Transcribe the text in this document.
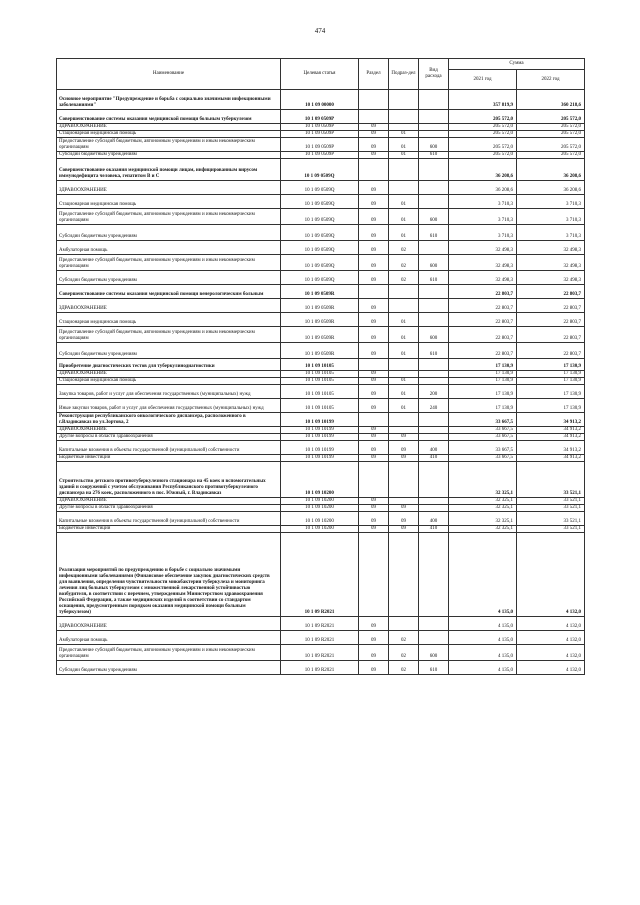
474
Наименование	Целевая статья	Раздел	Подраз-дел	Вид расхода	Сумма	
					2021 год	2022 год
Основное мероприятие "Предупреждение и борьба с социально значимыми инфекционными заболеваниями"	10 1 09 00000				357 819,9	360 218,6
Совершенствование системы оказания медицинской помощи больным туберкулезом	10 1 09 0509P				205 572,0	205 572,0
ЗДРАВООХРАНЕНИЕ	10 1 09 0509P	09			205 572,0	205 572,0
Стационарная медицинская помощь	10 1 09 0509P	09	01		205 572,0	205 572,0
Предоставление субсидий бюджетным, автономным учреждениям и иным некоммерческим организациям	10 1 09 0509P	09	01	600	205 572,0	205 572,0
Субсидии бюджетным учреждениям	10 1 09 0509P	09	01	610	205 572,0	205 572,0
Совершенствование оказания медицинской помощи лицам, инфицированным вирусом иммунодефицита человека, гепатитом В и С	10 1 09 0509Q				36 208,6	36 208,6
ЗДРАВООХРАНЕНИЕ	10 1 09 0509Q	09			36 208,6	36 208,6
Стационарная медицинская помощь	10 1 09 0509Q	09	01		3 710,3	3 710,3
Предоставление субсидий бюджетным, автономным учреждениям и иным некоммерческим организациям	10 1 09 0509Q	09	01	600	3 710,3	3 710,3
Субсидии бюджетным учреждениям	10 1 09 0509Q	09	01	610	3 710,3	3 710,3
Амбулаторная помощь	10 1 09 0509Q	09	02		32 498,3	32 498,3
Предоставление субсидий бюджетным, автономным учреждениям и иным некоммерческим организациям	10 1 09 0509Q	09	02	600	32 498,3	32 498,3
Субсидии бюджетным учреждениям	10 1 09 0509Q	09	02	610	32 498,3	32 498,3
Совершенствование системы оказания медицинской помощи венерологическим больным	10 1 09 0509R				22 803,7	22 803,7
ЗДРАВООХРАНЕНИЕ	10 1 09 0509R	09			22 803,7	22 803,7
Стационарная медицинская помощь	10 1 09 0509R	09	01		22 803,7	22 803,7
Предоставление субсидий бюджетным, автономным учреждениям и иным некоммерческим организациям	10 1 09 0509R	09	01	600	22 803,7	22 803,7
Субсидии бюджетным учреждениям	10 1 09 0509R	09	01	610	22 803,7	22 803,7
Приобретение диагностических тестов для туберкулинодиагностики	10 1 09 10105				17 130,9	17 130,9
ЗДРАВООХРАНЕНИЕ	10 1 09 10105	09			17 130,9	17 130,9
Стационарная медицинская помощь	10 1 09 10105	09	01		17 130,9	17 130,9
Закупка товаров, работ и услуг для обеспечения государственных (муниципальных) нужд	10 1 09 10105	09	01	200	17 130,9	17 130,9
Иные закупки товаров, работ и услуг для обеспечения государственных (муниципальных) нужд	10 1 09 10105	09	01	240	17 130,9	17 130,9
Реконструкция республиканского онкологического диспансера, расположенного в г.Владикавказ по ул.Зортова, 2	10 1 09 10199				33 667,5	34 913,2
ЗДРАВООХРАНЕНИЕ	10 1 09 10199	09			33 667,5	34 913,2
Другие вопросы в области здравоохранения	10 1 09 10199	09	09		33 667,5	34 913,2
Капитальные вложения в объекты государственной (муниципальной) собственности	10 1 09 10199	09	09	400	33 667,5	34 913,2
Бюджетные инвестиции	10 1 09 10199	09	09	410	33 667,5	34 913,2
Строительство детского противотуберкулезного стационара на 45 коек и вспомогательных зданий и сооружений с учетом обслуживания Республиканского противотуберкулезного диспансера на 276 коек, расположенного в пос. Южный, г. Владикавказ	10 1 09 10200				32 325,1	33 521,1
ЗДРАВООХРАНЕНИЕ	10 1 09 10200	09			32 325,1	33 521,1
Другие вопросы в области здравоохранения	10 1 09 10200	09	09		32 325,1	33 521,1
Капитальные вложения в объекты государственной (муниципальной) собственности	10 1 09 10200	09	09	400	32 325,1	33 521,1
Бюджетные инвестиции	10 1 09 10200	09	09	410	32 325,1	33 521,1
Реализация мероприятий по предупреждению и борьбе с социально значимыми инфекционными заболеваниями (Финансовое обеспечение закупок диагностических средств для выявления, определения чувствительности микобактерии туберкулеза и мониторинга лечения лиц больных туберкулезом с множественной лекарственной устойчивостью возбудителя, в соответствии с перечнем, утвержденным Министерством здравоохранения Российской Федерации, а также медицинских изделий в соответствии со стандартом оснащения, предусмотренным порядком оказания медицинской помощи больным туберкулезом)	10 1 09 R2021				4 135,0	4 132,0
ЗДРАВООХРАНЕНИЕ	10 1 09 R2021	09			4 135,0	4 132,0
Амбулаторная помощь	10 1 09 R2021	09	02		4 135,0	4 132,0
Предоставление субсидий бюджетным, автономным учреждениям и иным некоммерческим организациям	10 1 09 R2021	09	02	600	4 135,0	4 132,0
Субсидии бюджетным учреждениям	10 1 09 R2021	09	02	610	4 135,0	4 132,0
